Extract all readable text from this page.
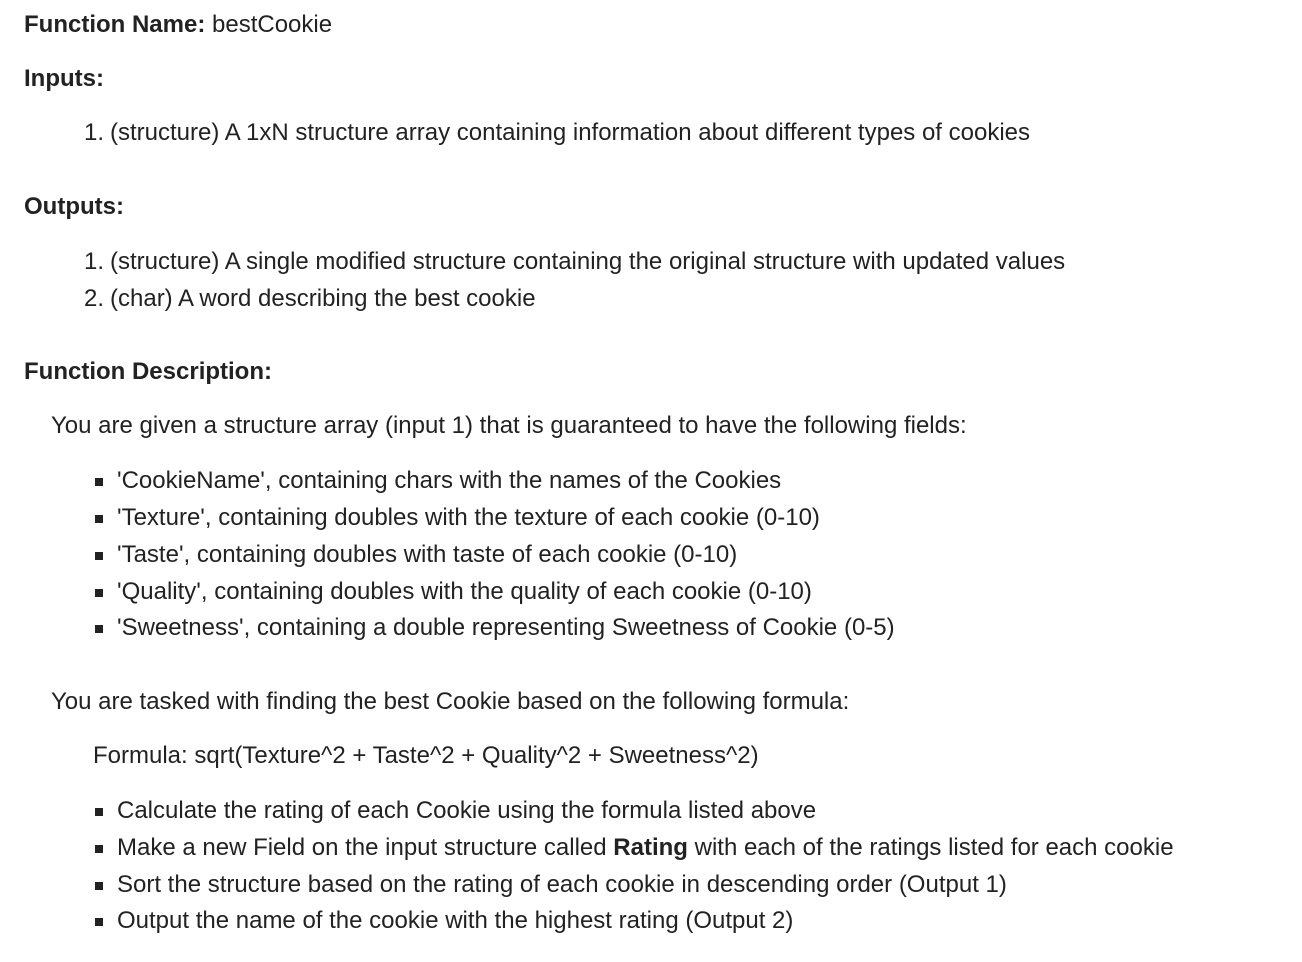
Function Name: bestCookie
Inputs:
1. (structure) A 1xN structure array containing information about different types of cookies
Outputs:
1. (structure) A single modified structure containing the original structure with updated values
2. (char) A word describing the best cookie
Function Description:
You are given a structure array (input 1) that is guaranteed to have the following fields:
'CookieName', containing chars with the names of the Cookies
'Texture', containing doubles with the texture of each cookie (0-10)
'Taste', containing doubles with taste of each cookie (0-10)
'Quality', containing doubles with the quality of each cookie (0-10)
'Sweetness', containing a double representing Sweetness of Cookie (0-5)
You are tasked with finding the best Cookie based on the following formula:
Formula: sqrt(Texture^2 + Taste^2 + Quality^2 + Sweetness^2)
Calculate the rating of each Cookie using the formula listed above
Make a new Field on the input structure called Rating with each of the ratings listed for each cookie
Sort the structure based on the rating of each cookie in descending order (Output 1)
Output the name of the cookie with the highest rating (Output 2)
